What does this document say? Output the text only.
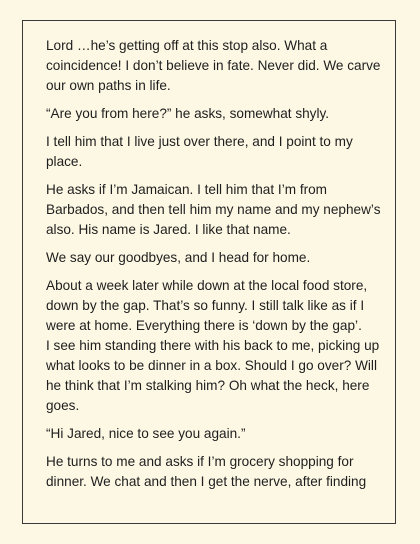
Lord …he’s getting off at this stop also. What a coincidence! I don’t believe in fate. Never did. We carve our own paths in life.

“Are you from here?” he asks, somewhat shyly.

I tell him that I live just over there, and I point to my place.

He asks if I’m Jamaican. I tell him that I’m from Barbados, and then tell him my name and my nephew’s also. His name is Jared. I like that name.

We say our goodbyes, and I head for home.

About a week later while down at the local food store, down by the gap. That’s so funny. I still talk like as if I were at home. Everything there is ‘down by the gap’.

I see him standing there with his back to me, picking up what looks to be dinner in a box. Should I go over? Will he think that I’m stalking him? Oh what the heck, here goes.

“Hi Jared, nice to see you again.”

He turns to me and asks if I’m grocery shopping for dinner. We chat and then I get the nerve, after finding
